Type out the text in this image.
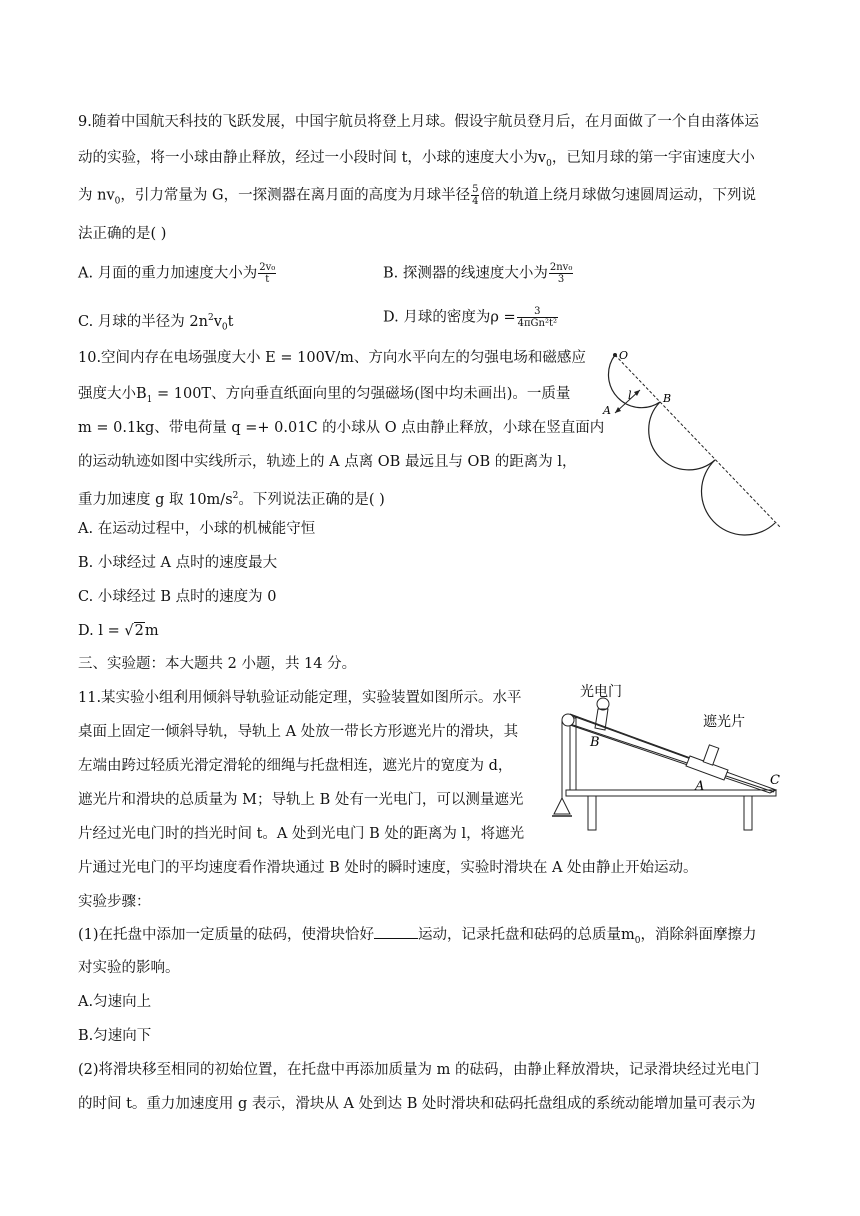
9.随着中国航天科技的飞跃发展，中国宇航员将登上月球。假设宇航员登月后，在月面做了一个自由落体运
动的实验，将一小球由静止释放，经过一小段时间 t，小球的速度大小为$v_0$，已知月球的第一宇宙速度大小
为 $nv_0$，引力常量为 G，一探测器在离月面的高度为月球半径 $\frac{5}{4}$ 倍的轨道上绕月球做匀速圆周运动，下列说
法正确的是( )
A. 月面的重力加速度大小为 $\frac{\text{2v₀}}{t}$	B. 探测器的线速度大小为 $\frac{\text{2nv₀}}{3}$
C. 月球的半径为 $2n^2v_0t$	D. 月球的密度为$\rho = \frac{3}{\text{4πGn²t²}}$
10.空间内存在电场强度大小 E = 100V/m、方向水平向左的匀强电场和磁感应
强度大小$B_1 = 100T$、方向垂直纸面向里的匀强磁场(图中均未画出)。一质量
m = 0.1kg、带电荷量 q =+ 0.01C 的小球从 O 点由静止释放，小球在竖直面内
的运动轨迹如图中实线所示，轨迹上的 A 点离 OB 最远且与 OB 的距离为 l，
重力加速度 g 取 $10m/s^2$。下列说法正确的是( )
A. 在运动过程中，小球的机械能守恒
B. 小球经过 A 点时的速度最大
C. 小球经过 B 点时的速度为 0
D. l = √2m
O
A
B
l
三、实验题：本大题共 2 小题，共 14 分。
11.某实验小组利用倾斜导轨验证动能定理，实验装置如图所示。水平
桌面上固定一倾斜导轨，导轨上 A 处放一带长方形遮光片的滑块，其
左端由跨过轻质光滑定滑轮的细绳与托盘相连，遮光片的宽度为 d，
遮光片和滑块的总质量为 M；导轨上 B 处有一光电门，可以测量遮光
片经过光电门时的挡光时间 t。A 处到光电门 B 处的距离为 l，将遮光
片通过光电门的平均速度看作滑块通过 B 处时的瞬时速度，实验时滑块在 A 处由静止开始运动。
实验步骤：
(1)在托盘中添加一定质量的砝码，使滑块恰好	运动，记录托盘和砝码的总质量$m_0$，消除斜面摩擦力
对实验的影响。
A.匀速向上
B.匀速向下
(2)将滑块移至相同的初始位置，在托盘中再添加质量为 m 的砝码，由静止释放滑块，记录滑块经过光电门
的时间 t。重力加速度用 g 表示，滑块从 A 处到达 B 处时滑块和砝码托盘组成的系统动能增加量可表示为
光电门
遮光片
B
A	C
